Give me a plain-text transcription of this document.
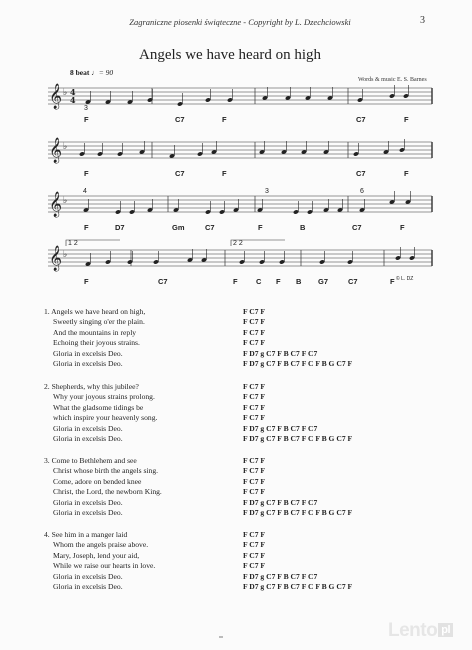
Zagraniczne piosenki świąteczne - Copyright by L. Dzechciowski	3
Angels we have heard on high
8 beat ♩= 90
Words & music E. S. Barnes
𝄞 ♭ 4
4
𝄞 ♭
𝄞 ♭
𝄞 ♭
3
4	3	6
1 2	2 2
© L. DZ
F	C7	F	C7	F
F	C7	F	C7	F
F	D7	Gm	C7	F	B	C7	F
F	C7	F C F B G7	C7	F
1. Angels we have heard on high,	F C7 F
Sweetly singing o'er the plain.	F C7 F
And the mountains in reply	F C7 F
Echoing their joyous strains.	F C7 F
Gloria in excelsis Deo.	F D7 g C7 F B C7 F C7
Gloria in excelsis Deo.	F D7 g C7 F B C7 F C F B G C7 F
2. Shepherds, why this jubilee?	F C7 F
Why your joyous strains prolong.	F C7 F
What the gladsome tidings be	F C7 F
which inspire your heavenly song.	F C7 F
Gloria in excelsis Deo.	F D7 g C7 F B C7 F C7
Gloria in excelsis Deo.	F D7 g C7 F B C7 F C F B G C7 F
3. Come to Bethlehem and see	F C7 F
Christ whose birth the angels sing.	F C7 F
Come, adore on bended knee	F C7 F
Christ, the Lord, the newborn King.	F C7 F
Gloria in excelsis Deo.	F D7 g C7 F B C7 F C7
Gloria in excelsis Deo.	F D7 g C7 F B C7 F C F B G C7 F
4. See him in a manger laid	F C7 F
Whom the angels praise above.	F C7 F
Mary, Joseph, lend your aid,	F C7 F
While we raise our hearts in love.	F C7 F
Gloria in excelsis Deo.	F D7 g C7 F B C7 F C7
Gloria in excelsis Deo.	F D7 g C7 F B C7 F C F B G C7 F
Lento pl
